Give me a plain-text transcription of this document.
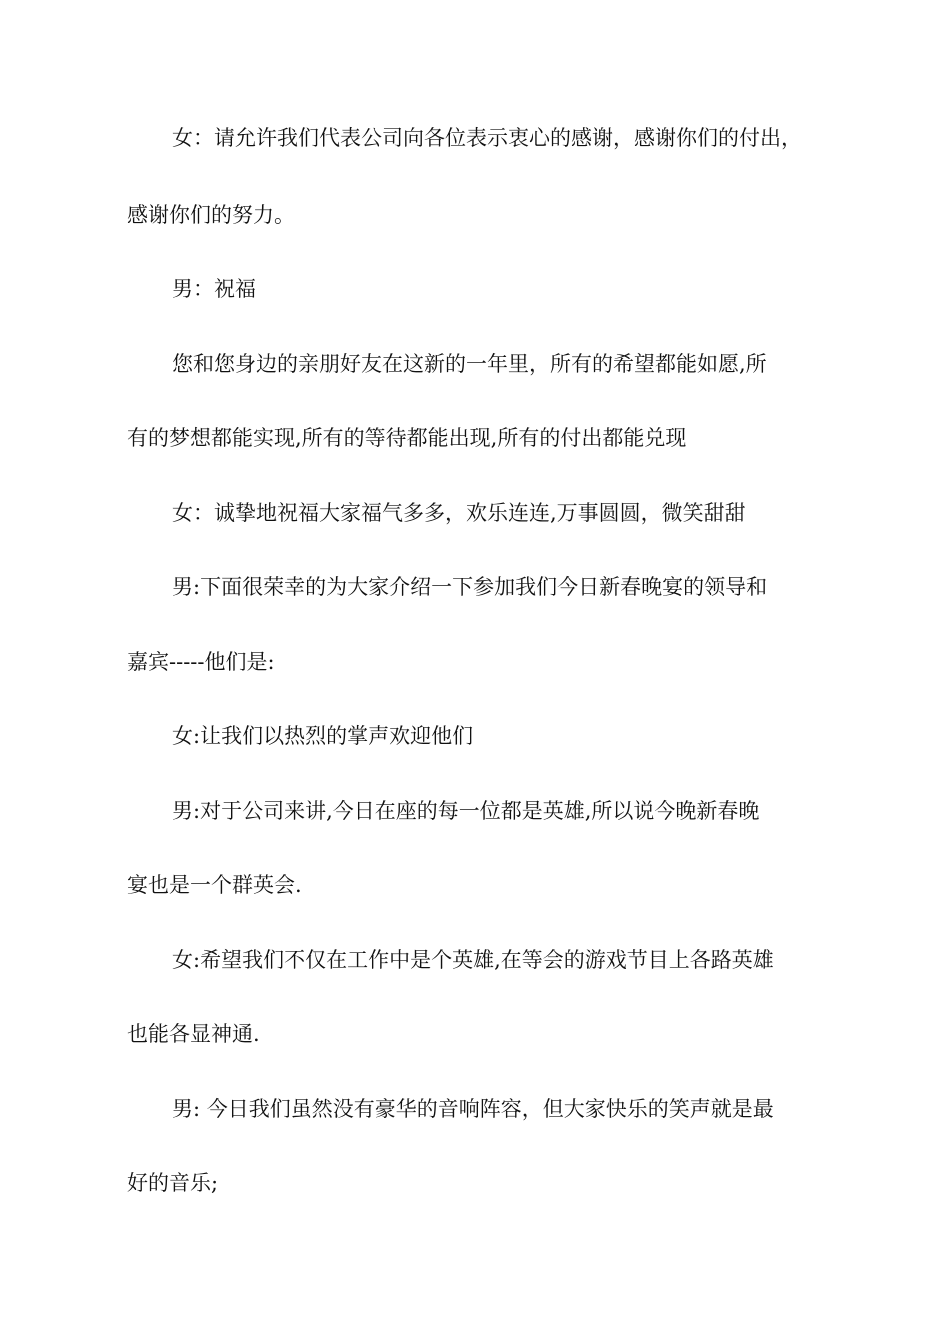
女：请允许我们代表公司向各位表示衷心的感谢，感谢你们的付出，
感谢你们的努力。
男：祝福
您和您身边的亲朋好友在这新的一年里，所有的希望都能如愿,所
有的梦想都能实现,所有的等待都能出现,所有的付出都能兑现
女：诚挚地祝福大家福气多多，欢乐连连,万事圆圆，微笑甜甜
男:下面很荣幸的为大家介绍一下参加我们今日新春晚宴的领导和
嘉宾-----他们是:
女:让我们以热烈的掌声欢迎他们
男:对于公司来讲,今日在座的每一位都是英雄,所以说今晚新春晚
宴也是一个群英会.
女:希望我们不仅在工作中是个英雄,在等会的游戏节目上各路英雄
也能各显神通.
男: 今日我们虽然没有豪华的音响阵容，但大家快乐的笑声就是最
好的音乐;
